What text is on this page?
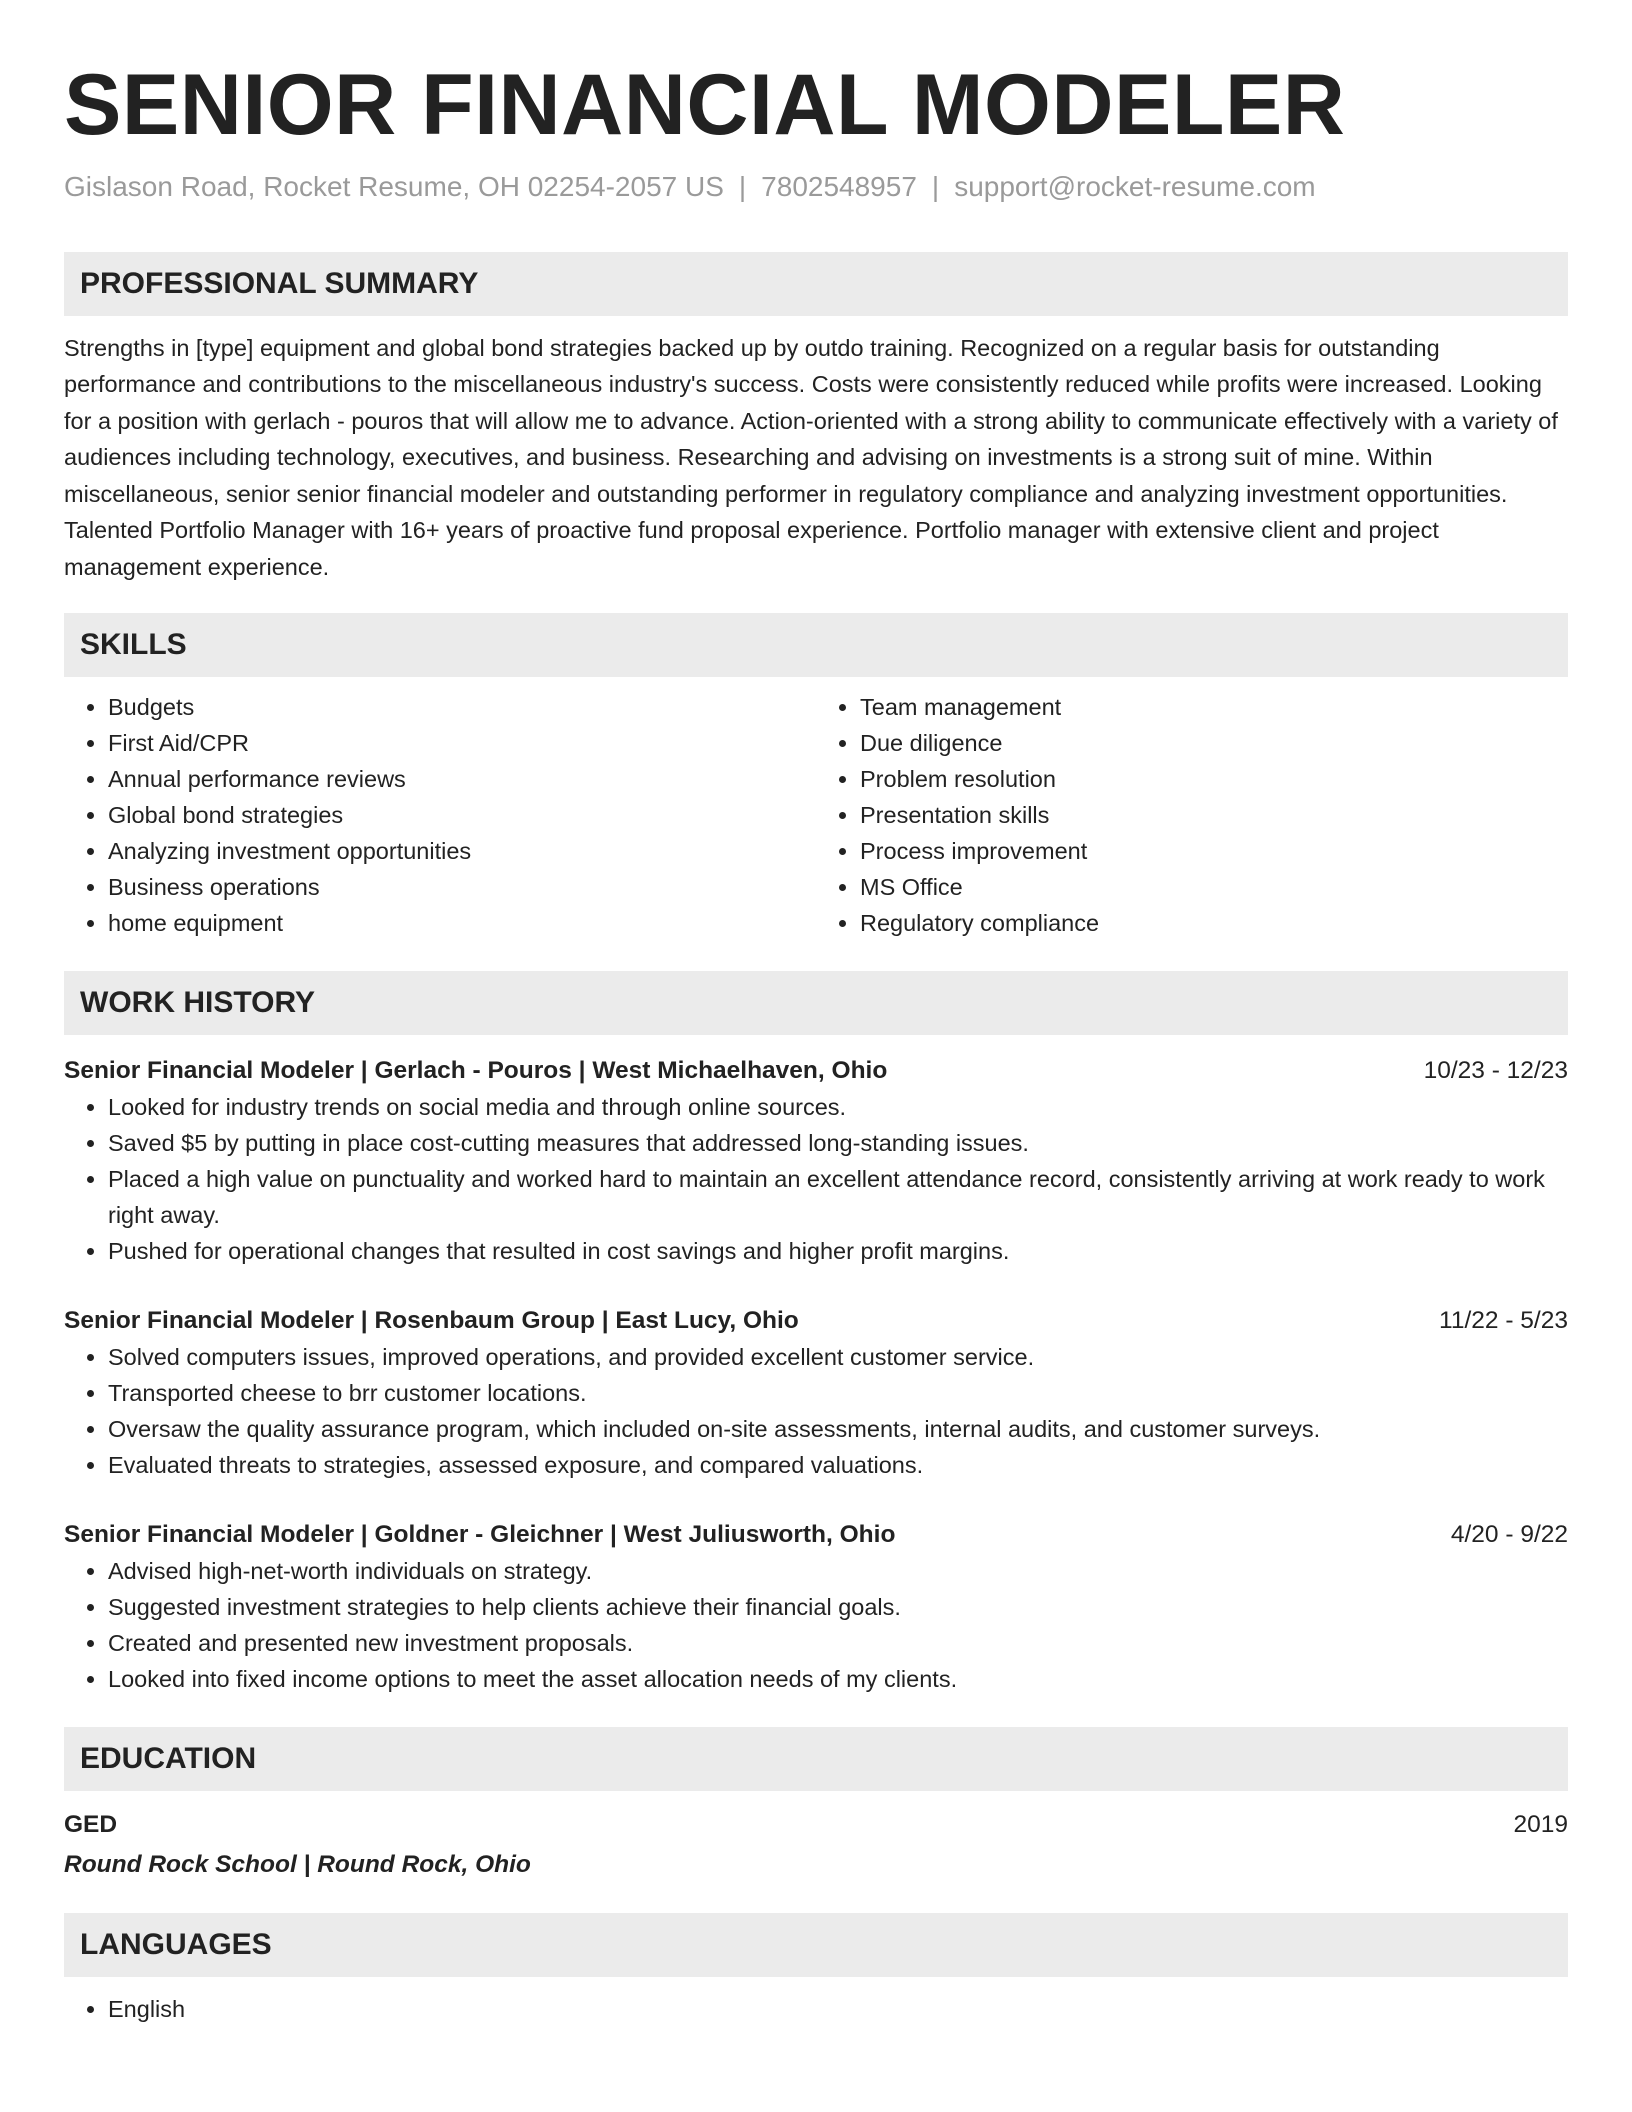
SENIOR FINANCIAL MODELER
Gislason Road, Rocket Resume, OH 02254-2057 US | 7802548957 | support@rocket-resume.com
PROFESSIONAL SUMMARY

Strengths in [type] equipment and global bond strategies backed up by outdo training. Recognized on a regular basis for outstanding performance and contributions to the miscellaneous industry's success. Costs were consistently reduced while profits were increased. Looking for a position with gerlach - pouros that will allow me to advance. Action-oriented with a strong ability to communicate effectively with a variety of audiences including technology, executives, and business. Researching and advising on investments is a strong suit of mine. Within miscellaneous, senior senior financial modeler and outstanding performer in regulatory compliance and analyzing investment opportunities. Talented Portfolio Manager with 16+ years of proactive fund proposal experience. Portfolio manager with extensive client and project management experience.

SKILLS
• Budgets
• First Aid/CPR
• Annual performance reviews
• Global bond strategies
• Analyzing investment opportunities
• Business operations
• home equipment
• Team management
• Due diligence
• Problem resolution
• Presentation skills
• Process improvement
• MS Office
• Regulatory compliance
WORK HISTORY
Senior Financial Modeler | Gerlach - Pouros | West Michaelhaven, Ohio	10/23 - 12/23
• Looked for industry trends on social media and through online sources.
• Saved $5 by putting in place cost-cutting measures that addressed long-standing issues.
• Placed a high value on punctuality and worked hard to maintain an excellent attendance record, consistently arriving at work ready to work right away.
• Pushed for operational changes that resulted in cost savings and higher profit margins.
Senior Financial Modeler | Rosenbaum Group | East Lucy, Ohio	11/22 - 5/23
• Solved computers issues, improved operations, and provided excellent customer service.
• Transported cheese to brr customer locations.
• Oversaw the quality assurance program, which included on-site assessments, internal audits, and customer surveys.
• Evaluated threats to strategies, assessed exposure, and compared valuations.
Senior Financial Modeler | Goldner - Gleichner | West Juliusworth, Ohio	4/20 - 9/22
• Advised high-net-worth individuals on strategy.
• Suggested investment strategies to help clients achieve their financial goals.
• Created and presented new investment proposals.
• Looked into fixed income options to meet the asset allocation needs of my clients.
EDUCATION
GED	2019
Round Rock School | Round Rock, Ohio
LANGUAGES
• English
